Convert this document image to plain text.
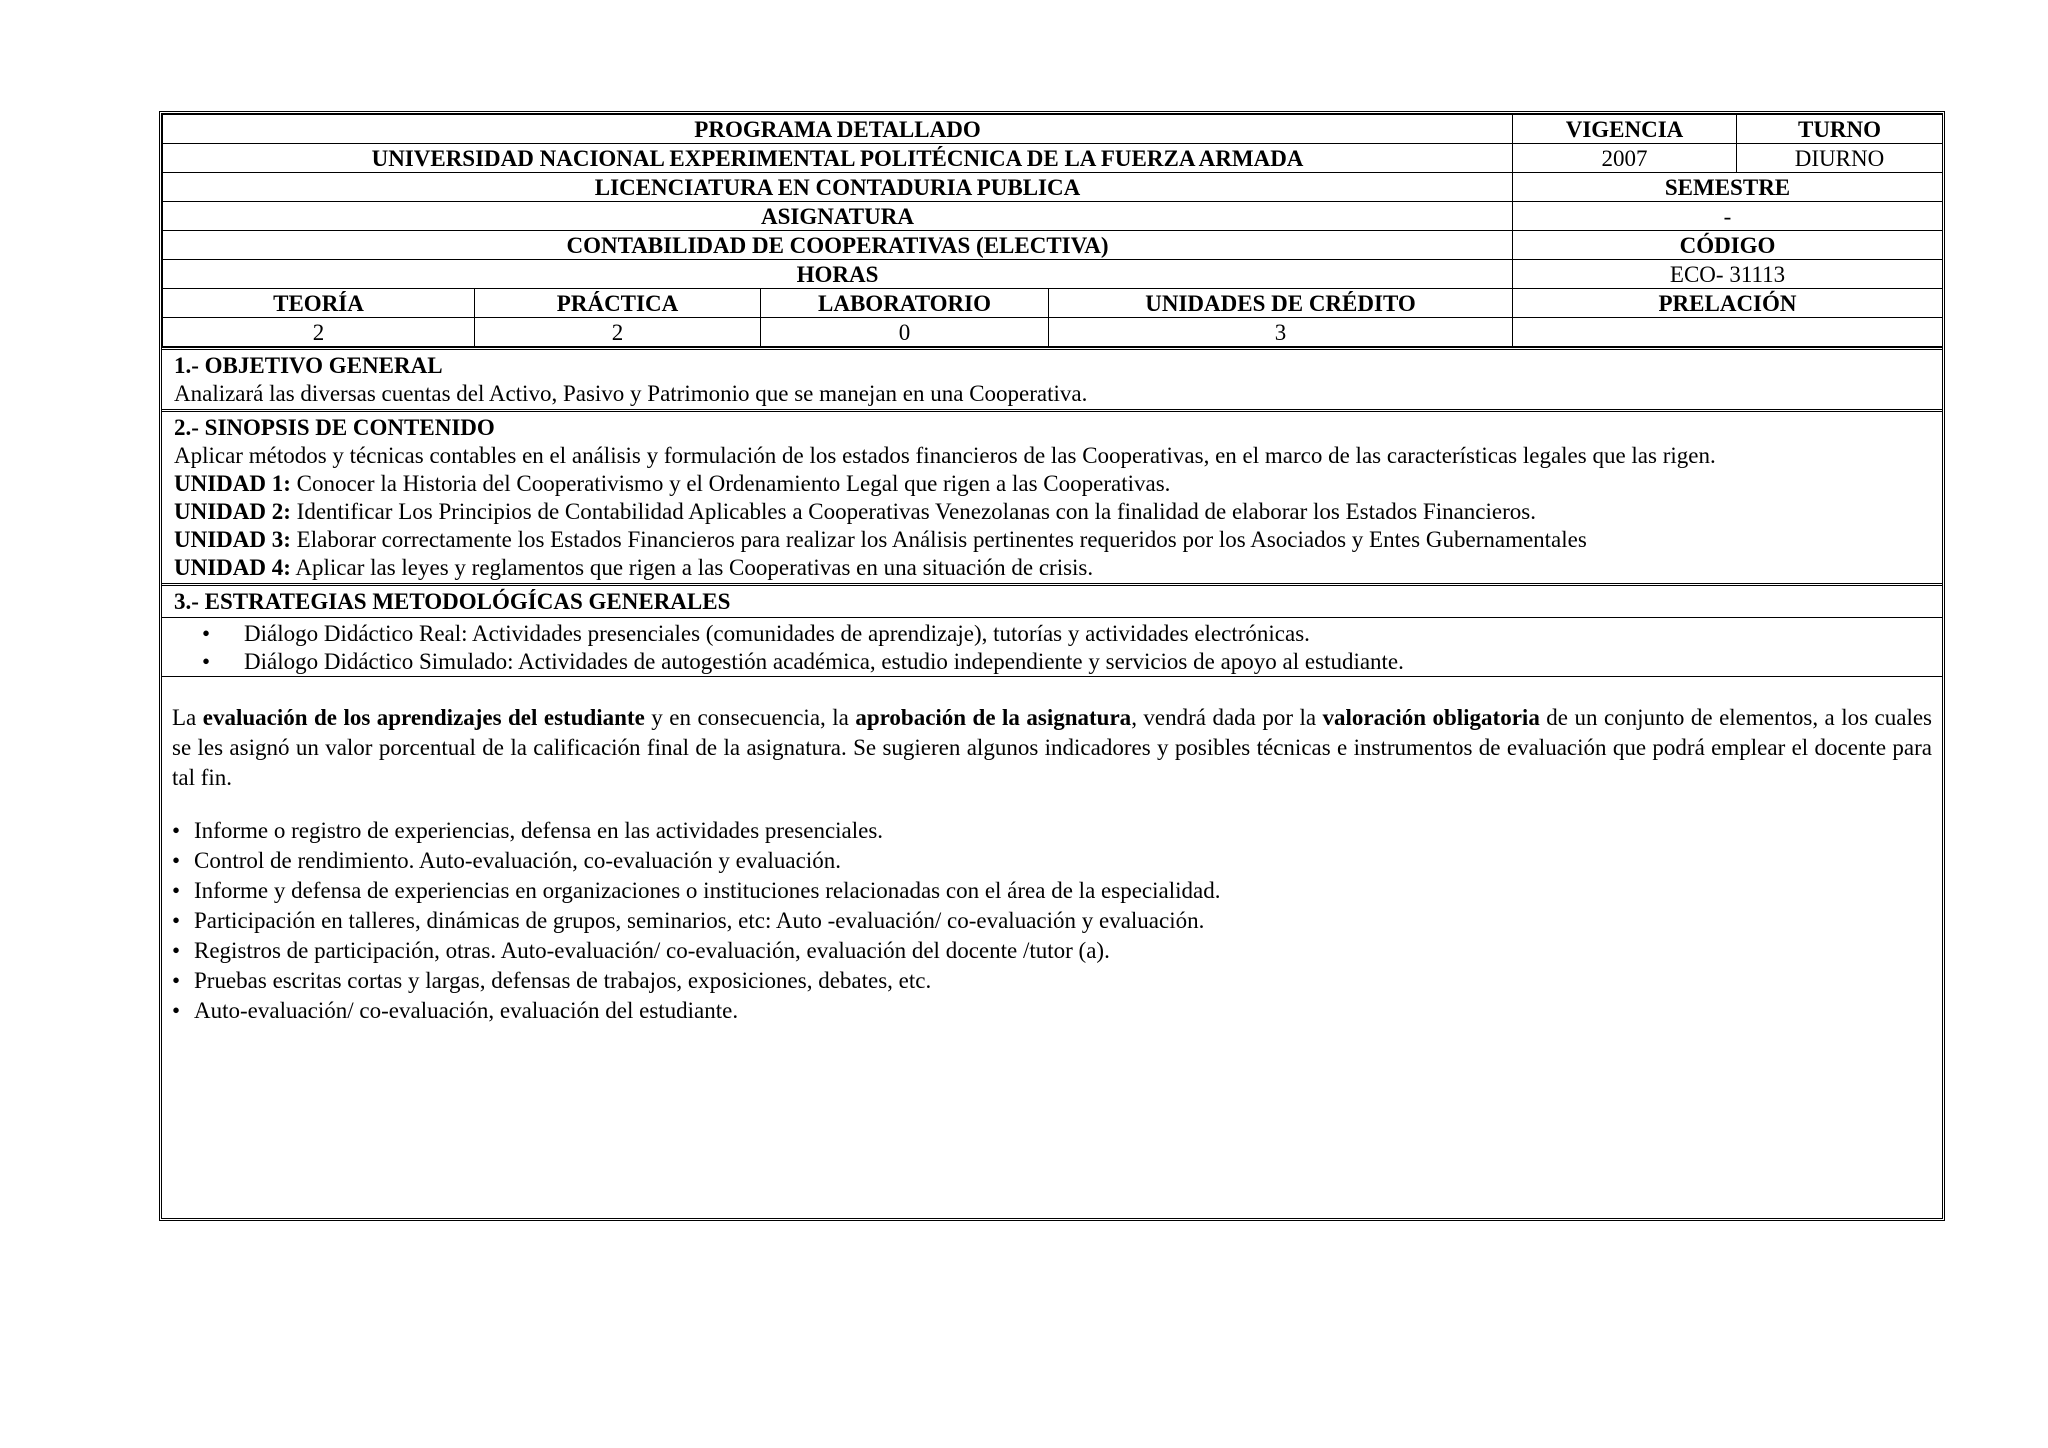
PROGRAMA DETALLADO				VIGENCIA	TURNO
UNIVERSIDAD NACIONAL EXPERIMENTAL POLITÉCNICA DE LA FUERZA ARMADA				2007	DIURNO
LICENCIATURA EN CONTADURIA PUBLICA				SEMESTRE	
ASIGNATURA				-	
CONTABILIDAD DE COOPERATIVAS (ELECTIVA)				CÓDIGO	
HORAS				ECO- 31113	
TEORÍA	PRÁCTICA	LABORATORIO	UNIDADES DE CRÉDITO	PRELACIÓN	
2	2	0	3		
1.- OBJETIVO GENERAL

Analizará las diversas cuentas del Activo, Pasivo y Patrimonio que se manejan en una Cooperativa.

2.- SINOPSIS DE CONTENIDO

Aplicar métodos y técnicas contables en el análisis y formulación de los estados financieros de las Cooperativas, en el marco de las características legales que las rigen.

UNIDAD 1: Conocer la Historia del Cooperativismo y el Ordenamiento Legal que rigen a las Cooperativas.

UNIDAD 2: Identificar Los Principios de Contabilidad Aplicables a Cooperativas Venezolanas con la finalidad de elaborar los Estados Financieros.

UNIDAD 3: Elaborar correctamente los Estados Financieros para realizar los Análisis pertinentes requeridos por los Asociados y Entes Gubernamentales

UNIDAD 4: Aplicar las leyes y reglamentos que rigen a las Cooperativas en una situación de crisis.

3.- ESTRATEGIAS METODOLÓGÍCAS GENERALES
• Diálogo Didáctico Real: Actividades presenciales (comunidades de aprendizaje), tutorías y actividades electrónicas.
• Diálogo Didáctico Simulado: Actividades de autogestión académica, estudio independiente y servicios de apoyo al estudiante.

La evaluación de los aprendizajes del estudiante y en consecuencia, la aprobación de la asignatura, vendrá dada por la valoración obligatoria de un conjunto de elementos, a los cuales se les asignó un valor porcentual de la calificación final de la asignatura. Se sugieren algunos indicadores y posibles técnicas e instrumentos de evaluación que podrá emplear el docente para tal fin.

• Informe o registro de experiencias, defensa en las actividades presenciales.
• Control de rendimiento. Auto-evaluación, co-evaluación y evaluación.
• Informe y defensa de experiencias en organizaciones o instituciones relacionadas con el área de la especialidad.
• Participación en talleres, dinámicas de grupos, seminarios, etc: Auto -evaluación/ co-evaluación y evaluación.
• Registros de participación, otras. Auto-evaluación/ co-evaluación, evaluación del docente /tutor (a).
• Pruebas escritas cortas y largas, defensas de trabajos, exposiciones, debates, etc.
• Auto-evaluación/ co-evaluación, evaluación del estudiante.
